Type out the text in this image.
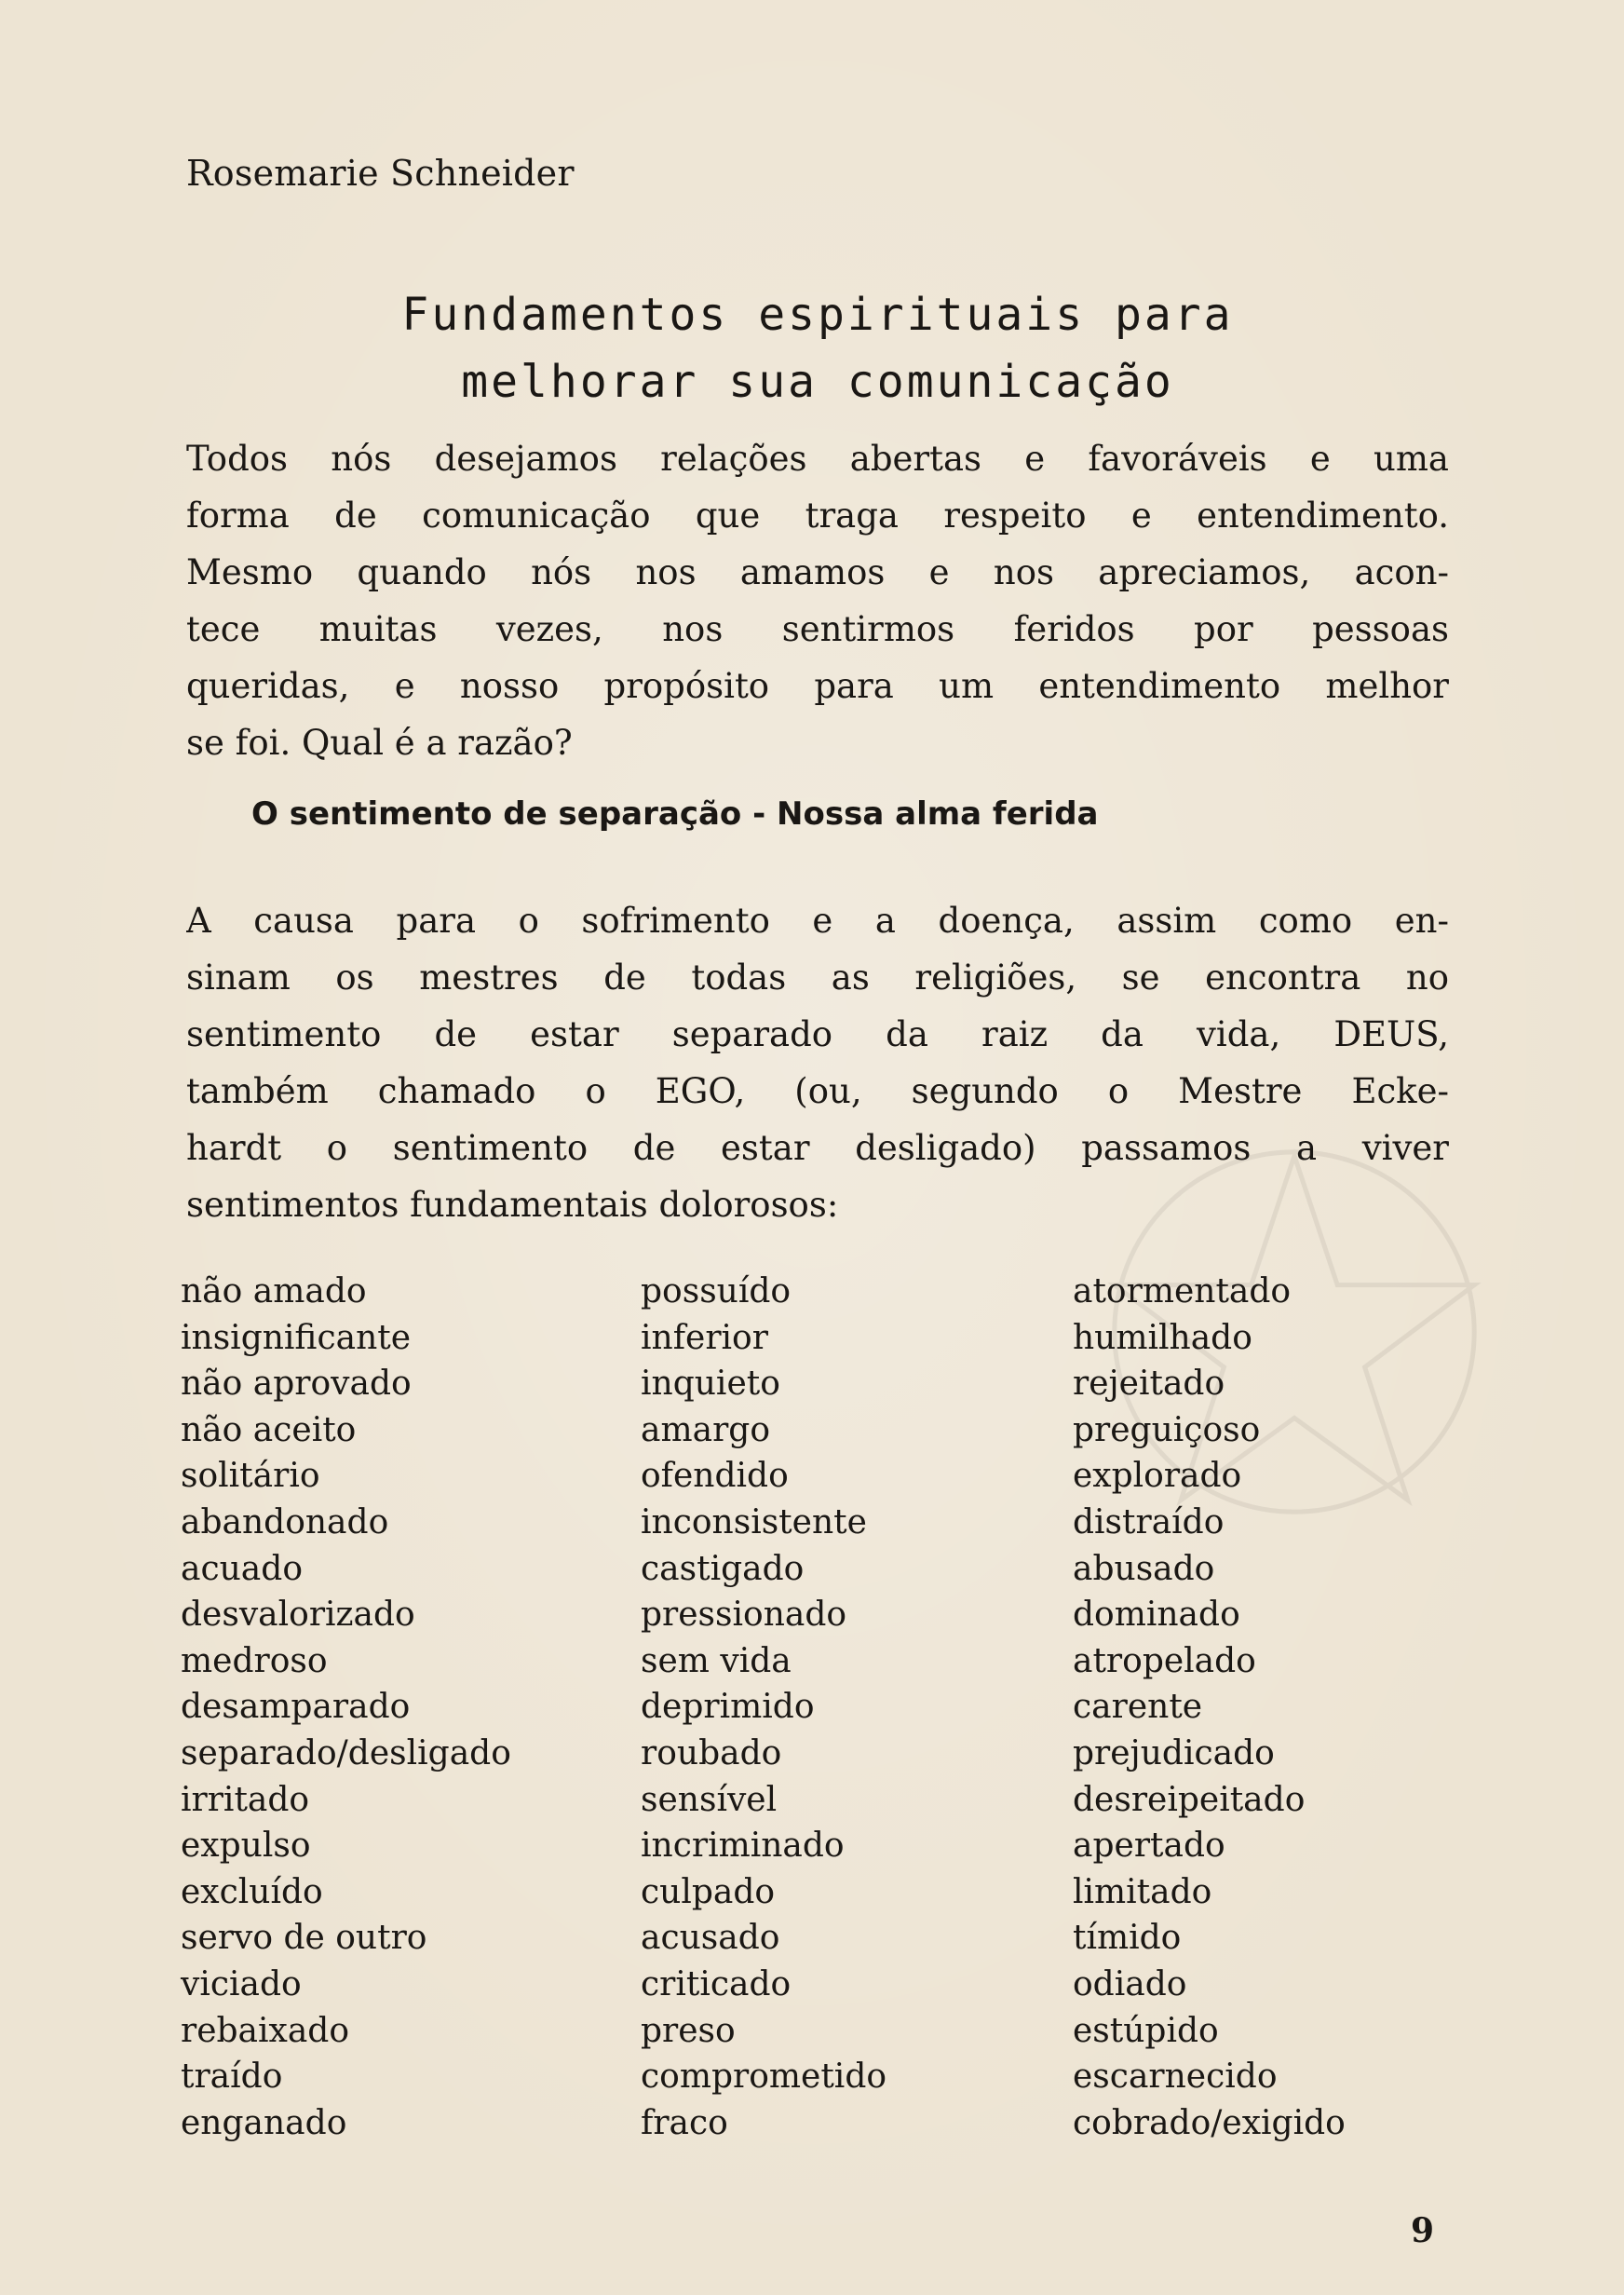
Rosemarie Schneider
Fundamentos espirituais para
melhorar sua comunicação
Todos nós desejamos relações abertas e favoráveis e uma
forma de comunicação que traga respeito e entendimento.
Mesmo quando nós nos amamos e nos apreciamos, acon-
tece muitas vezes, nos sentirmos feridos por pessoas
queridas, e nosso propósito para um entendimento melhor
se foi. Qual é a razão?
O sentimento de separação - Nossa alma ferida
A causa para o sofrimento e a doença, assim como en-
sinam os mestres de todas as religiões, se encontra no
sentimento de estar separado da raiz da vida, DEUS,
também chamado o EGO, (ou, segundo o Mestre Ecke-
hardt o sentimento de estar desligado) passamos a viver
sentimentos fundamentais dolorosos:
não amado
insignificante
não aprovado
não aceito
solitário
abandonado
acuado
desvalorizado
medroso
desamparado
separado/desligado
irritado
expulso
excluído
servo de outro
viciado
rebaixado
traído
enganado
possuído
inferior
inquieto
amargo
ofendido
inconsistente
castigado
pressionado
sem vida
deprimido
roubado
sensível
incriminado
culpado
acusado
criticado
preso
comprometido
fraco
atormentado
humilhado
rejeitado
preguiçoso
explorado
distraído
abusado
dominado
atropelado
carente
prejudicado
desreipeitado
apertado
limitado
tímido
odiado
estúpido
escarnecido
cobrado/exigido
9
